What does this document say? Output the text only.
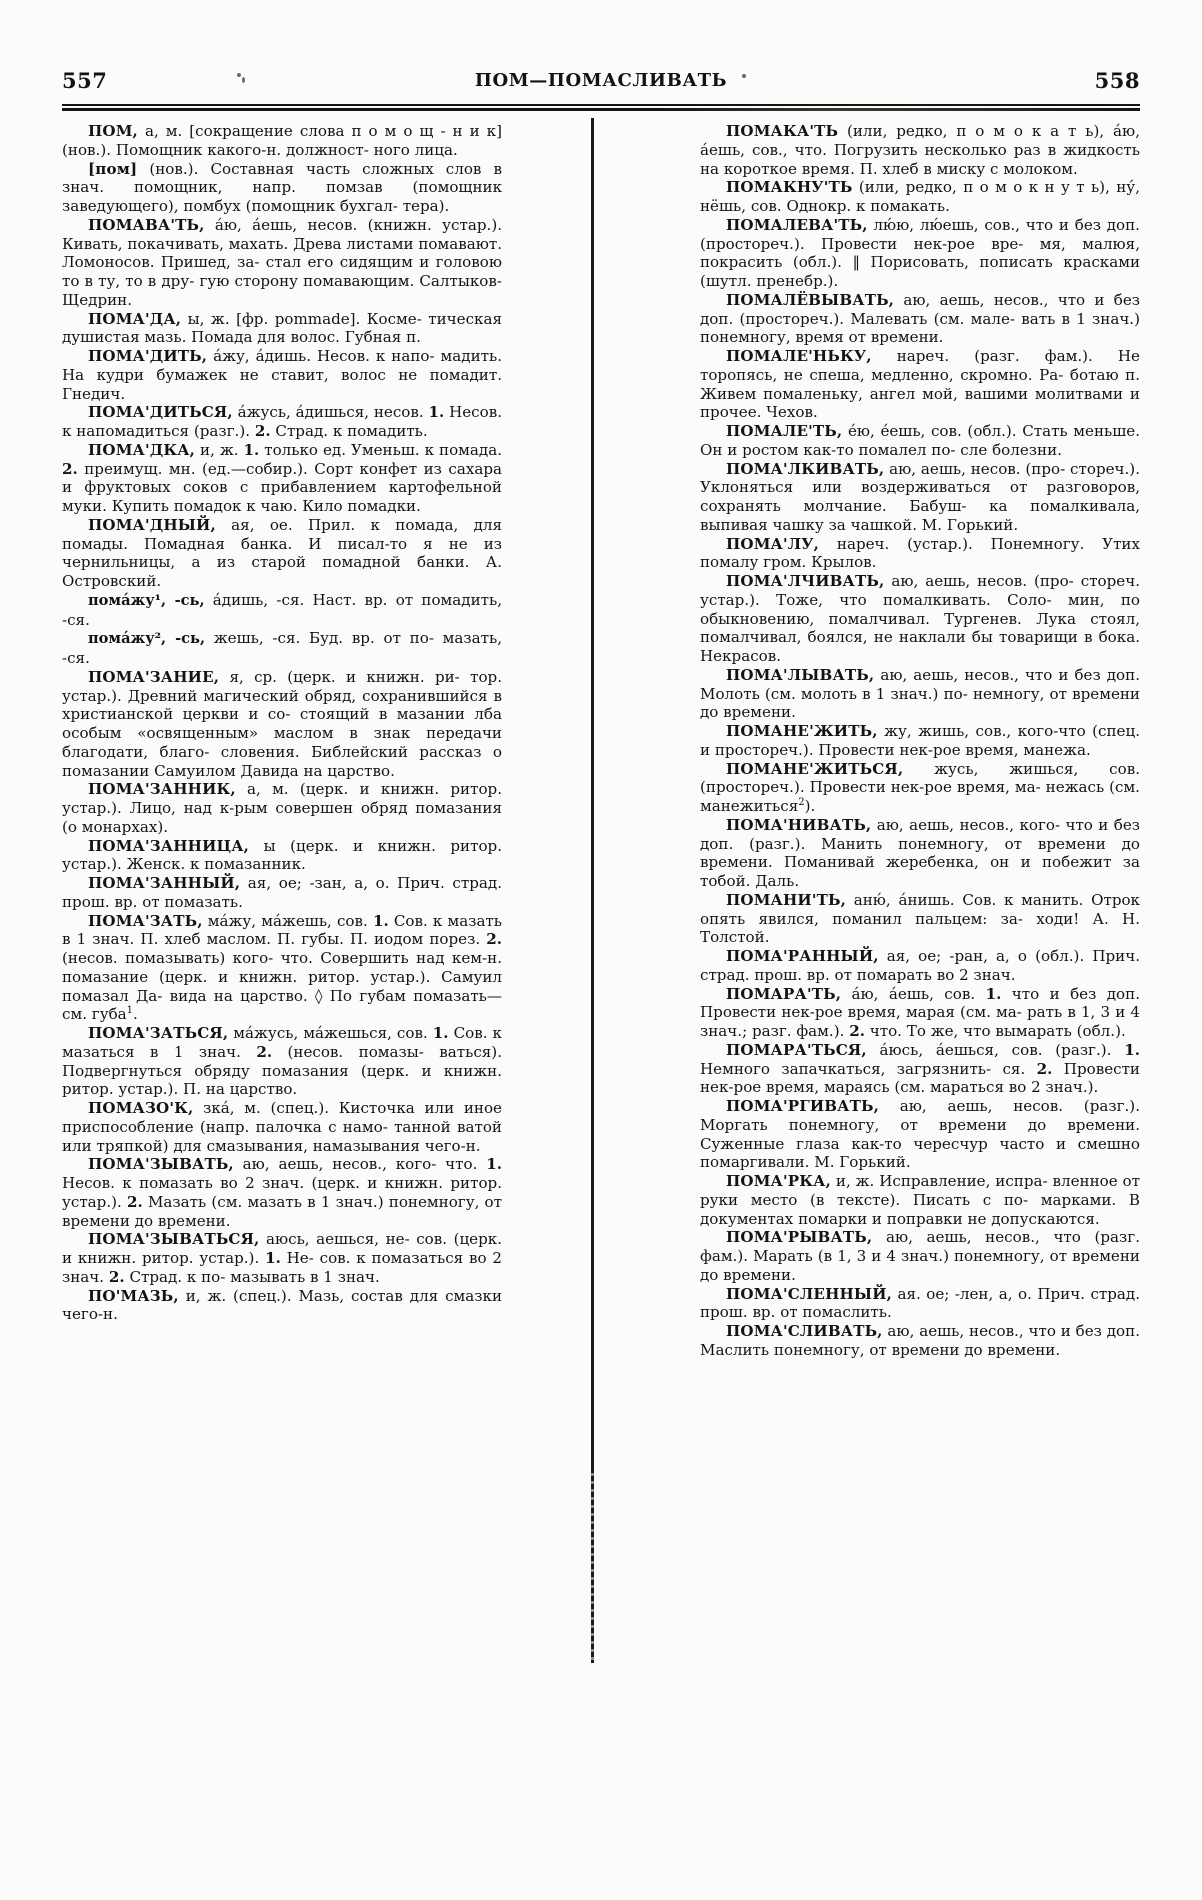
557	ПОМ—ПОМАСЛИВАТЬ	558

ПОМ, а, м. [сокращение слова п о м о щ - н и к] (нов.). Помощник какого-н. должност- ного лица.

[пом] (нов.). Составная часть сложных слов в знач. помощник, напр. помзав (помощник заведующего), помбух (помощник бухгал- тера).

ПОМАВА'ТЬ, áю, áешь, несов. (книжн. устар.). Кивать, покачивать, махать. Древа листами помавают. Ломоносов. Пришед, за- стал его сидящим и головою то в ту, то в дру- гую сторону помавающим. Салтыков-Щедрин.

ПОМА'ДА, ы, ж. [фр. pommade]. Косме- тическая душистая мазь. Помада для волос. Губная п.

ПОМА'ДИТЬ, áжу, áдишь. Несов. к напо- мадить. На кудри бумажек не ставит, волос не помадит. Гнедич.

ПОМА'ДИТЬСЯ, áжусь, áдишься, несов. 1. Несов. к напомадиться (разг.). 2. Страд. к помадить.

ПОМА'ДКА, и, ж. 1. только ед. Уменьш. к помада. 2. преимущ. мн. (ед.—собир.). Сорт конфет из сахара и фруктовых соков с прибавлением картофельной муки. Купить помадок к чаю. Кило помадки.

ПОМА'ДНЫЙ, ая, ое. Прил. к помада, для помады. Помадная банка. И писал-то я не из чернильницы, а из старой помадной банки. А. Островский.

помáжу¹, -сь, áдишь, -ся. Наст. вр. от помадить, -ся.

помáжу², -сь, жешь, -ся. Буд. вр. от по- мазать, -ся.

ПОМА'ЗАНИЕ, я, ср. (церк. и книжн. ри- тор. устар.). Древний магический обряд, сохранившийся в христианской церкви и со- стоящий в мазании лба особым «освященным» маслом в знак передачи благодати, благо- словения. Библейский рассказ о помазании Самуилом Давида на царство.

ПОМА'ЗАННИК, а, м. (церк. и книжн. ритор. устар.). Лицо, над к-рым совершен обряд помазания (о монархах).

ПОМА'ЗАННИЦА, ы (церк. и книжн. ритор. устар.). Женск. к помазанник.

ПОМА'ЗАННЫЙ, ая, ое; -зан, а, о. Прич. страд. прош. вр. от помазать.

ПОМА'ЗАТЬ, мáжу, мáжешь, сов. 1. Сов. к мазать в 1 знач. П. хлеб маслом. П. губы. П. иодом порез. 2. (несов. помазывать) кого- что. Совершить над кем-н. помазание (церк. и книжн. ритор. устар.). Самуил помазал Да- вида на царство. ◊ По губам помазать— см. губа$^1$.

ПОМА'ЗАТЬСЯ, мáжусь, мáжешься, сов. 1. Сов. к мазаться в 1 знач. 2. (несов. помазы- ваться). Подвергнуться обряду помазания (церк. и книжн. ритор. устар.). П. на царство.

ПОМАЗО'К, зкá, м. (спец.). Кисточка или иное приспособление (напр. палочка с намо- танной ватой или тряпкой) для смазывания, намазывания чего-н.

ПОМА'ЗЫВАТЬ, аю, аешь, несов., кого- что. 1. Несов. к помазать во 2 знач. (церк. и книжн. ритор. устар.). 2. Мазать (см. мазать в 1 знач.) понемногу, от времени до времени.

ПОМА'ЗЫВАТЬСЯ, аюсь, аешься, не- сов. (церк. и книжн. ритор. устар.). 1. Не- сов. к помазаться во 2 знач. 2. Страд. к по- мазывать в 1 знач.

ПО'МАЗЬ, и, ж. (спец.). Мазь, состав для смазки чего-н.

ПОМАКА'ТЬ (или, редко, п о м о к а т ь), áю, áешь, сов., что. Погрузить несколько раз в жидкость на короткое время. П. хлеб в миску с молоком.

ПОМАКНУ'ТЬ (или, редко, п о м о к н у т ь), ну́, нёшь, сов. Однокр. к помакать.

ПОМАЛЕВА'ТЬ, лю́ю, лю́ешь, сов., что и без доп. (простореч.). Провести нек-рое вре- мя, малюя, покрасить (обл.). ‖ Порисовать, пописать красками (шутл. пренебр.).

ПОМАЛЁВЫВАТЬ, аю, аешь, несов., что и без доп. (простореч.). Малевать (см. мале- вать в 1 знач.) понемногу, время от времени.

ПОМАЛЕ'НЬКУ, нареч. (разг. фам.). Не торопясь, не спеша, медленно, скромно. Ра- ботаю п. Живем помаленьку, ангел мой, вашими молитвами и прочее. Чехов.

ПОМАЛЕ'ТЬ, éю, éешь, сов. (обл.). Стать меньше. Он и ростом как-то помалел по- сле болезни.

ПОМА'ЛКИВАТЬ, аю, аешь, несов. (про- стореч.). Уклоняться или воздерживаться от разговоров, сохранять молчание. Бабуш- ка помалкивала, выпивая чашку за чашкой. М. Горький.

ПОМА'ЛУ, нареч. (устар.). Понемногу. Утих помалу гром. Крылов.

ПОМА'ЛЧИВАТЬ, аю, аешь, несов. (про- стореч. устар.). Тоже, что помалкивать. Соло- мин, по обыкновению, помалчивал. Тургенев. Лука стоял, помалчивал, боялся, не наклали бы товарищи в бока. Некрасов.

ПОМА'ЛЫВАТЬ, аю, аешь, несов., что и без доп. Молоть (см. молоть в 1 знач.) по- немногу, от времени до времени.

ПОМАНЕ'ЖИТЬ, жу, жишь, сов., кого-что (спец. и простореч.). Провести нек-рое время, манежа.

ПОМАНЕ'ЖИТЬСЯ, жусь, жишься, сов. (простореч.). Провести нек-рое время, ма- нежась (см. манежиться$^2$).

ПОМА'НИВАТЬ, аю, аешь, несов., кого- что и без доп. (разг.). Манить понемногу, от времени до времени. Поманивай жеребенка, он и побежит за тобой. Даль.

ПОМАНИ'ТЬ, аню́, áнишь. Сов. к манить. Отрок опять явился, поманил пальцем: за- ходи! А. Н. Толстой.

ПОМА'РАННЫЙ, ая, ое; -ран, а, о (обл.). Прич. страд. прош. вр. от помарать во 2 знач.

ПОМАРА'ТЬ, áю, áешь, сов. 1. что и без доп. Провести нек-рое время, марая (см. ма- рать в 1, 3 и 4 знач.; разг. фам.). 2. что. То же, что вымарать (обл.).

ПОМАРА'ТЬСЯ, áюсь, áешься, сов. (разг.). 1. Немного запачкаться, загрязнить- ся. 2. Провести нек-рое время, мараясь (см. мараться во 2 знач.).

ПОМА'РГИВАТЬ, аю, аешь, несов. (разг.). Моргать понемногу, от времени до времени. Суженные глаза как-то чересчур часто и смешно помаргивали. М. Горький.

ПОМА'РКА, и, ж. Исправление, испра- вленное от руки место (в тексте). Писать с по- марками. В документах помарки и поправки не допускаются.

ПОМА'РЫВАТЬ, аю, аешь, несов., что (разг. фам.). Марать (в 1, 3 и 4 знач.) понемногу, от времени до времени.

ПОМА'СЛЕННЫЙ, ая. ое; -лен, а, о. Прич. страд. прош. вр. от помаслить.

ПОМА'СЛИВАТЬ, аю, аешь, несов., что и без доп. Маслить понемногу, от времени до времени.
